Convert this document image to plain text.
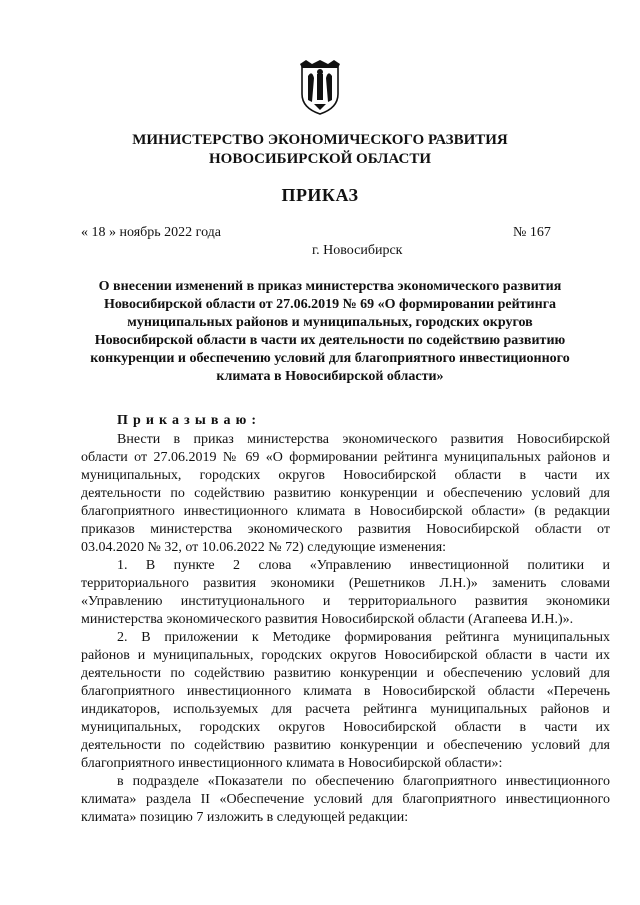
МИНИСТЕРСТВО ЭКОНОМИЧЕСКОГО РАЗВИТИЯ
НОВОСИБИРСКОЙ ОБЛАСТИ
ПРИКАЗ
« 18 » ноябрь 2022 года	№ 167
г. Новосибирск
О внесении изменений в приказ министерства экономического развития
Новосибирской области от 27.06.2019 № 69 «О формировании рейтинга
муниципальных районов и муниципальных, городских округов
Новосибирской области в части их деятельности по содействию развитию
конкуренции и обеспечению условий для благоприятного инвестиционного
климата в Новосибирской области»
Приказываю:
Внести в приказ министерства экономического развития Новосибирской
области от 27.06.2019 № 69 «О формировании рейтинга муниципальных районов и
муниципальных, городских округов Новосибирской области в части их
деятельности по содействию развитию конкуренции и обеспечению условий для
благоприятного инвестиционного климата в Новосибирской области» (в редакции
приказов министерства экономического развития Новосибирской области от
03.04.2020 № 32, от 10.06.2022 № 72) следующие изменения:
1. В пункте 2 слова «Управлению инвестиционной политики и
территориального развития экономики (Решетников Л.Н.)» заменить словами
«Управлению институционального и территориального развития экономики
министерства экономического развития Новосибирской области (Агапеева И.Н.)».
2. В приложении к Методике формирования рейтинга муниципальных
районов и муниципальных, городских округов Новосибирской области в части их
деятельности по содействию развитию конкуренции и обеспечению условий для
благоприятного инвестиционного климата в Новосибирской области «Перечень
индикаторов, используемых для расчета рейтинга муниципальных районов и
муниципальных, городских округов Новосибирской области в части их
деятельности по содействию развитию конкуренции и обеспечению условий для
благоприятного инвестиционного климата в Новосибирской области»:
в подразделе «Показатели по обеспечению благоприятного инвестиционного
климата» раздела II «Обеспечение условий для благоприятного инвестиционного
климата» позицию 7 изложить в следующей редакции:
